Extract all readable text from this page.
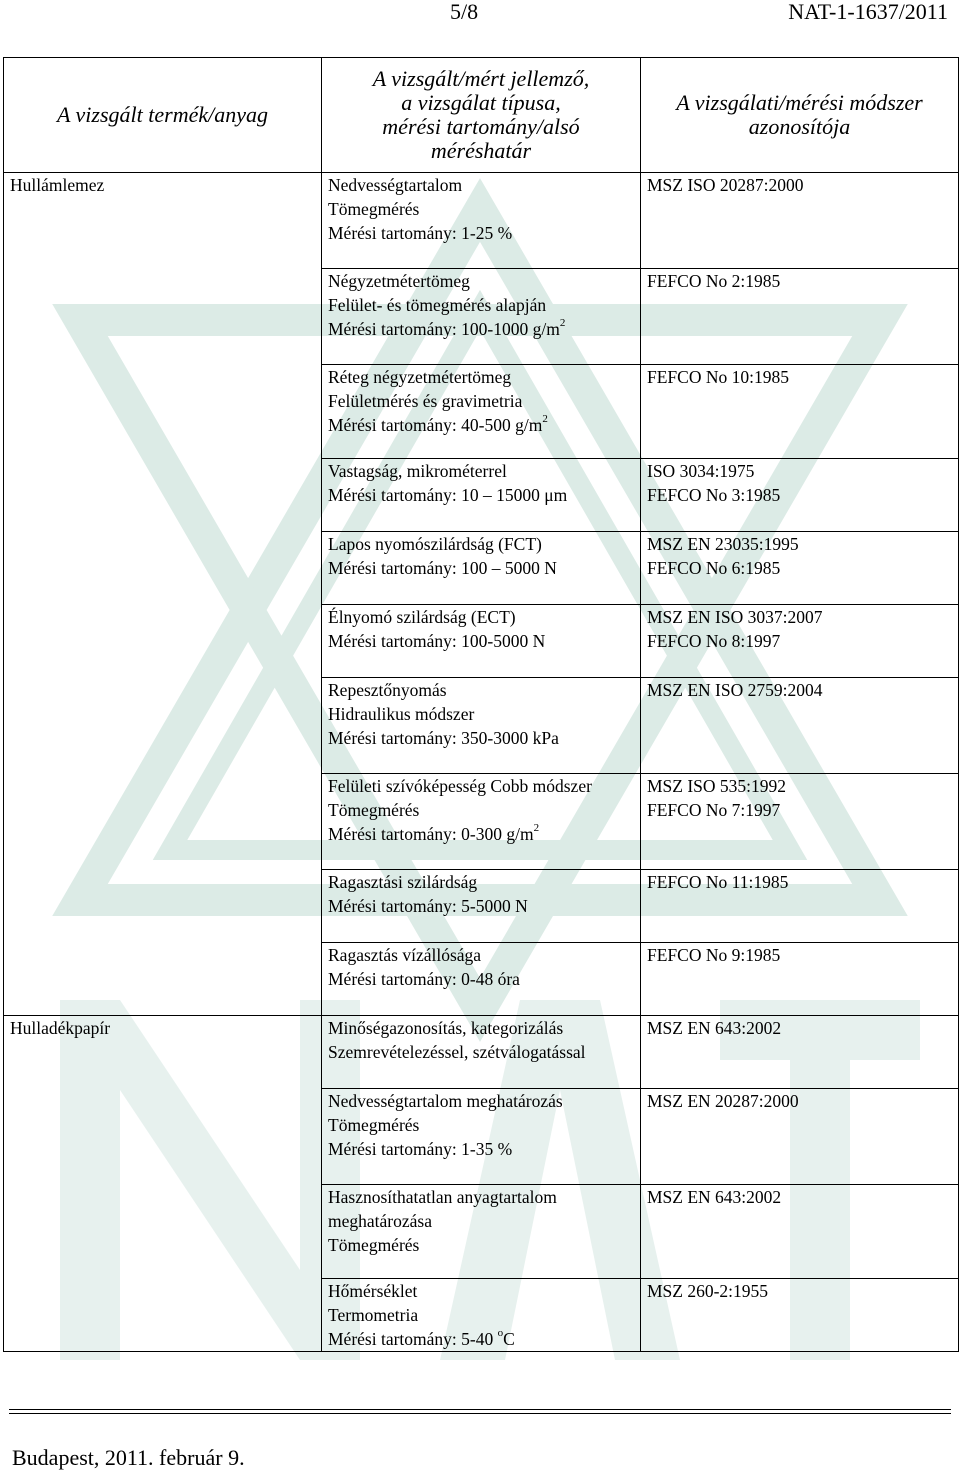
5/8	NAT-1-1637/2011
A vizsgált termék/anyag	A vizsgált/mért jellemző,
a vizsgálat típusa,
mérési tartomány/alsó
méréshatár	A vizsgálati/mérési módszer
azonosítója

Hullámlemez	Nedvességtartalom
Tömegmérés
Mérési tartomány: 1-25 %	MSZ ISO 20287:2000

	Négyzetmétertömeg
Felület- és tömegmérés alapján
Mérési tartomány: 100-1000 $g/m^2$	FEFCO No 2:1985

	Réteg négyzetmétertömeg
Felületmérés és gravimetria
Mérési tartomány: 40-500 $g/m^2$	FEFCO No 10:1985

	Vastagság, mikrométerrel
Mérési tartomány: 10 – 15000 μm	ISO 3034:1975
FEFCO No 3:1985

	Lapos nyomószilárdság (FCT)
Mérési tartomány: 100 – 5000 N	MSZ EN 23035:1995
FEFCO No 6:1985

	Élnyomó szilárdság (ECT)
Mérési tartomány: 100-5000 N	MSZ EN ISO 3037:2007
FEFCO No 8:1997

	Repesztőnyomás
Hidraulikus módszer
Mérési tartomány: 350-3000 kPa	MSZ EN ISO 2759:2004

	Felületi szívóképesség Cobb módszer
Tömegmérés
Mérési tartomány: 0-300 $g/m^2$	MSZ ISO 535:1992
FEFCO No 7:1997

	Ragasztási szilárdság
Mérési tartomány: 5-5000 N	FEFCO No 11:1985

	Ragasztás vízállósága
Mérési tartomány: 0-48 óra	FEFCO No 9:1985

Hulladékpapír	Minőségazonosítás, kategorizálás
Szemrevételezéssel, szétválogatással	MSZ EN 643:2002

	Nedvességtartalom meghatározás
Tömegmérés
Mérési tartomány: 1-35 %	MSZ EN 20287:2000

	Hasznosíthatatlan anyagtartalom
meghatározása
Tömegmérés	MSZ EN 643:2002

	Hőmérséklet
Termometria
Mérési tartomány: 5-40 $^o$C	MSZ 260-2:1955
Budapest, 2011. február 9.
